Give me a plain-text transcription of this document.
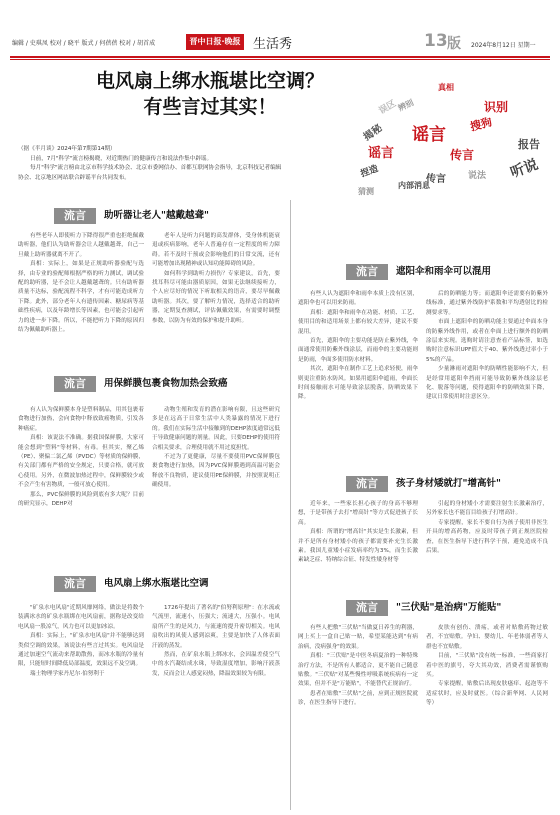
编辑 / 史琪凤 校对 / 晓平 版式 / 何蓓蓓 校对 / 胡首成	晋中日报·晚报 生活秀	13 版 2024年8月12日 星期一
电风扇上绑水瓶堪比空调？
有些言过其实！	误区
谣言
传言
捏造
搜狗
识别
辨别
真相
报告
说法
谣言
猜测
传言	听说
揭秘
内部消息
（据《半月谈》2024年第7期第14期）
日前，7月"科学"流言榜揭晓，对近期热门的健康传言和说法作集中辟谣。
每月"科学"流言榜由北京市科学技术协会、北京市委网信办、首都互联网协会指导，北京科技记者编辑协会、北京地区网站联合辟谣平台共同发布。
流言	助听器让老人"越戴越聋"

有些老年人即使听力下降得很严重也拒绝佩戴助听器，他们认为助听器会让人越戴越聋，自己一旦戴上助听器就离不开了。

真相：实际上，如果是正规助听器验配与选择，由专业的验配师根据严格的听力测试，调试验配的助听器，是不会让人越戴越聋的。只有助听器质量不达标，验配流程不科学，才有可能造成听力下降。此外，部分老年人有遗传因素、糖尿病等基础性疾病，以及年龄增长等因素，也可能会引起听力的进一步下降。所以，不能把听力下降的原因归结为佩戴助听器上。

老年人是听力问题的高发群体，受身体机能衰退或疾病影响，老年人普遍存在一定程度的听力障碍。若不及时干预或会影响他们的日常交流，还有可能增加出现精神或认知功能障碍的风险。

如何科学到助听力损伤？专家建议，首先，要找耳科尽可能由器质原因，如果无法继续接听力，个人应尽好的情况下听取相关的语音，要尽早佩戴助听器。其次，要了解听力情况，选择适合的助听器，定期复查测试，评估佩戴效果，有需要时调整参数，以防为有效的保护和提升助听。

流言	用保鲜膜包裹食物加热会致癌

有人认为保鲜膜本身是塑料制品，用其包裹着食物进行加热，会向食物中释放致癌物质，引发各种癌症。

真相：该说法不准确。据我国保鲜膜，大家可能会想到"塑料"等材料，有毒。但其实，聚乙烯（PE）、聚偏二氯乙烯（PVDC）等材质的保鲜膜，有关部门都有严格的安全规定，只要合格，就可放心使用。另外，在微波加热过程中，保鲜膜较少或不会产生有害物质，一般可放心使用。

那么，PVC保鲜膜的风险到底有多大呢？目前的研究显示，DEHP对

动物生殖和发育的潜在影响有限，且这些研究多是在远高于日常生活中人类暴露的情况下进行的。我们在实际生活中接触到的DEHP浓度通常远低于导致健康问题的剂量。因此，只要DEHP的使用符合相关要求，合理使用就不用过度担忧。

不过为了更健康，尽量不要使用PVC保鲜膜包裹食物进行加热，因为PVC保鲜膜遇到高温可能会释放不良物质，建议使用PE保鲜膜，并按照说明正确使用。

流言	电风扇上绑水瓶堪比空调

"矿泉水电风扇"近期风靡网络，做法是将数个装满冰水的矿泉水瓶绑在电风扇前，据称是改变给电风扇一股凉气，风力也可以更加冰凉。

真相：实际上，"矿泉水电风扇"并不能够达到类似空调的效果，该说法有些言过其实。电风扇是通过加速空气流动来帮助散热，而冰水瓶的冷量有限，只能短时间降低局部温度，效果远不及空调。

瑞士物理学家丹尼尔·伯努利于

1726年提出了著名的"伯努利原理"：在水流或气流里，流速小，压强大；流速大，压强小。电风扇所产生的是风力，与流速的提升密切相关。电风扇吹出的风使人感到凉爽，主要是加快了人体表面汗液的蒸发。

然而，在矿泉水瓶上绑冰水，会因温差使空气中的水汽凝结成水珠，导致湿度增加，影响汗液蒸发，反而会让人感觉闷热，降温效果较为有限。

流言	遮阳伞和雨伞可以混用

有些人认为遮阳伞和雨伞本质上没有区别，遮阳伞也可以用来防雨。

真相：遮阳伞和雨伞在功能、材质、工艺、使用目的和适用场景上都有较大差异，建议不要混用。

首先，遮阳伞的主要功能是防止紫外线，伞面通常使用防紫外线涂层，而雨伞的主要功能则是防雨，伞面多使用防水材料。

其次，遮阳伞在制作工艺上追求轻便，雨伞则更注重防水防风。如果用遮阳伞遮雨，伞面长时间接触雨水可能导致涂层脱落，防晒效果下降。

后的防晒能力等；而遮阳伞还需要有防紫外线标准，通过紫外线防护系数和平均透射比的检测要求等。

市面上遮阳伞的防晒功能主要通过伞面本身的防紫外线作用，或者在伞面上进行额外的防晒涂层来实现。选购时请注意查看产品标签，如选购时注意标识UPF值大于40、紫外线透过率小于5%的产品。

少量淋雨对遮阳伞的防晒性能影响不大，但是经常用遮阳伞挡雨可能导致防紫外线涂层老化、脱落等问题，使得遮阳伞的防晒效果下降，建议日常使用时注意区分。

流言	孩子身材矮就打"增高针"

近年来，一些家长担心孩子的身高不够理想，于是带孩子去打"增高针"等方式促进孩子长高。

真相：所谓的"增高针"其实是生长激素，但并不是所有身材矮小的孩子都需要补充生长激素。我国儿童矮小症发病率约为3%，而生长激素缺乏症、特纳综合征、特发性矮身材等

引起的身材矮小才需要注射生长激素治疗，另外家长也不能盲目给孩子打增高针。

专家提醒，家长不要自行为孩子使用非医生开具的增高药物，应及时带孩子到正规医院检查，在医生指导下进行科学干预，避免造成不良后果。

流言	"三伏贴"是治病"万能贴"

有些人把敷"三伏贴"当做夏日养生的利器，网上买上一盒自己贴一贴，希望某能达到"有病治病，没病强身"的效果。

真相："三伏贴"是中医冬病夏治的一种特殊治疗方法，不是所有人都适合，更不能自己随意贴敷。"三伏贴"对某些慢性呼吸系统疾病有一定效果，但并不是"万能贴"，不能替代正规治疗。

患者在贴敷"三伏贴"之前，应到正规医院就诊，在医生指导下进行。

皮肤有创伤、溃疡，或者对贴敷药物过敏者，不宜贴敷。孕妇、婴幼儿、年老体弱者等人群也不宜贴敷。

目前，"三伏贴"没有统一标准，一些商家打着中医的旗号，夸大其功效，消费者需谨慎购买。

专家提醒，贴敷后出现皮肤瘙痒、起泡等不适症状时，应及时就医。（综合新华网、人民网等）
